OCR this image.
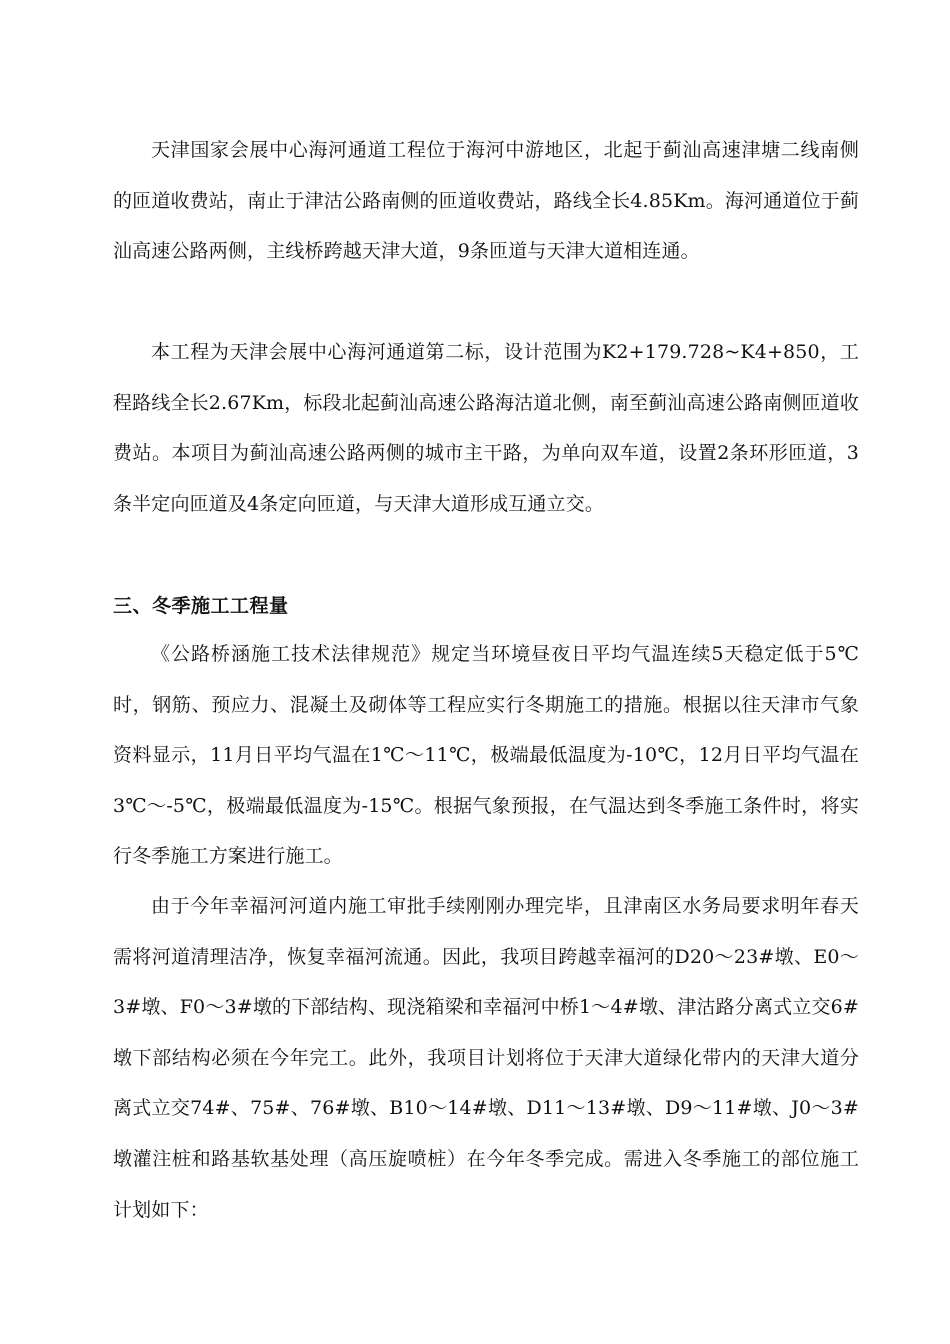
天津国家会展中心海河通道工程位于海河中游地区，北起于蓟汕高速津塘二线南侧的匝道收费站，南止于津沽公路南侧的匝道收费站，路线全长4.85Km。海河通道位于蓟汕高速公路两侧，主线桥跨越天津大道，9条匝道与天津大道相连通。

本工程为天津会展中心海河通道第二标，设计范围为K2+179.728~K4+850，工程路线全长2.67Km，标段北起蓟汕高速公路海沽道北侧，南至蓟汕高速公路南侧匝道收费站。本项目为蓟汕高速公路两侧的城市主干路，为单向双车道，设置2条环形匝道，3条半定向匝道及4条定向匝道，与天津大道形成互通立交。

三、冬季施工工程量

《公路桥涵施工技术法律规范》规定当环境昼夜日平均气温连续5天稳定低于5℃时，钢筋、预应力、混凝土及砌体等工程应实行冬期施工的措施。根据以往天津市气象资料显示，11月日平均气温在1℃～11℃，极端最低温度为-10℃，12月日平均气温在3℃～-5℃，极端最低温度为-15℃。根据气象预报，在气温达到冬季施工条件时，将实行冬季施工方案进行施工。

由于今年幸福河河道内施工审批手续刚刚办理完毕，且津南区水务局要求明年春天需将河道清理洁净，恢复幸福河流通。因此，我项目跨越幸福河的D20～23#墩、E0～3#墩、F0～3#墩的下部结构、现浇箱梁和幸福河中桥1～4#墩、津沽路分离式立交6#墩下部结构必须在今年完工。此外，我项目计划将位于天津大道绿化带内的天津大道分离式立交74#、75#、76#墩、B10～14#墩、D11～13#墩、D9～11#墩、J0～3#墩灌注桩和路基软基处理（高压旋喷桩）在今年冬季完成。需进入冬季施工的部位施工计划如下：
